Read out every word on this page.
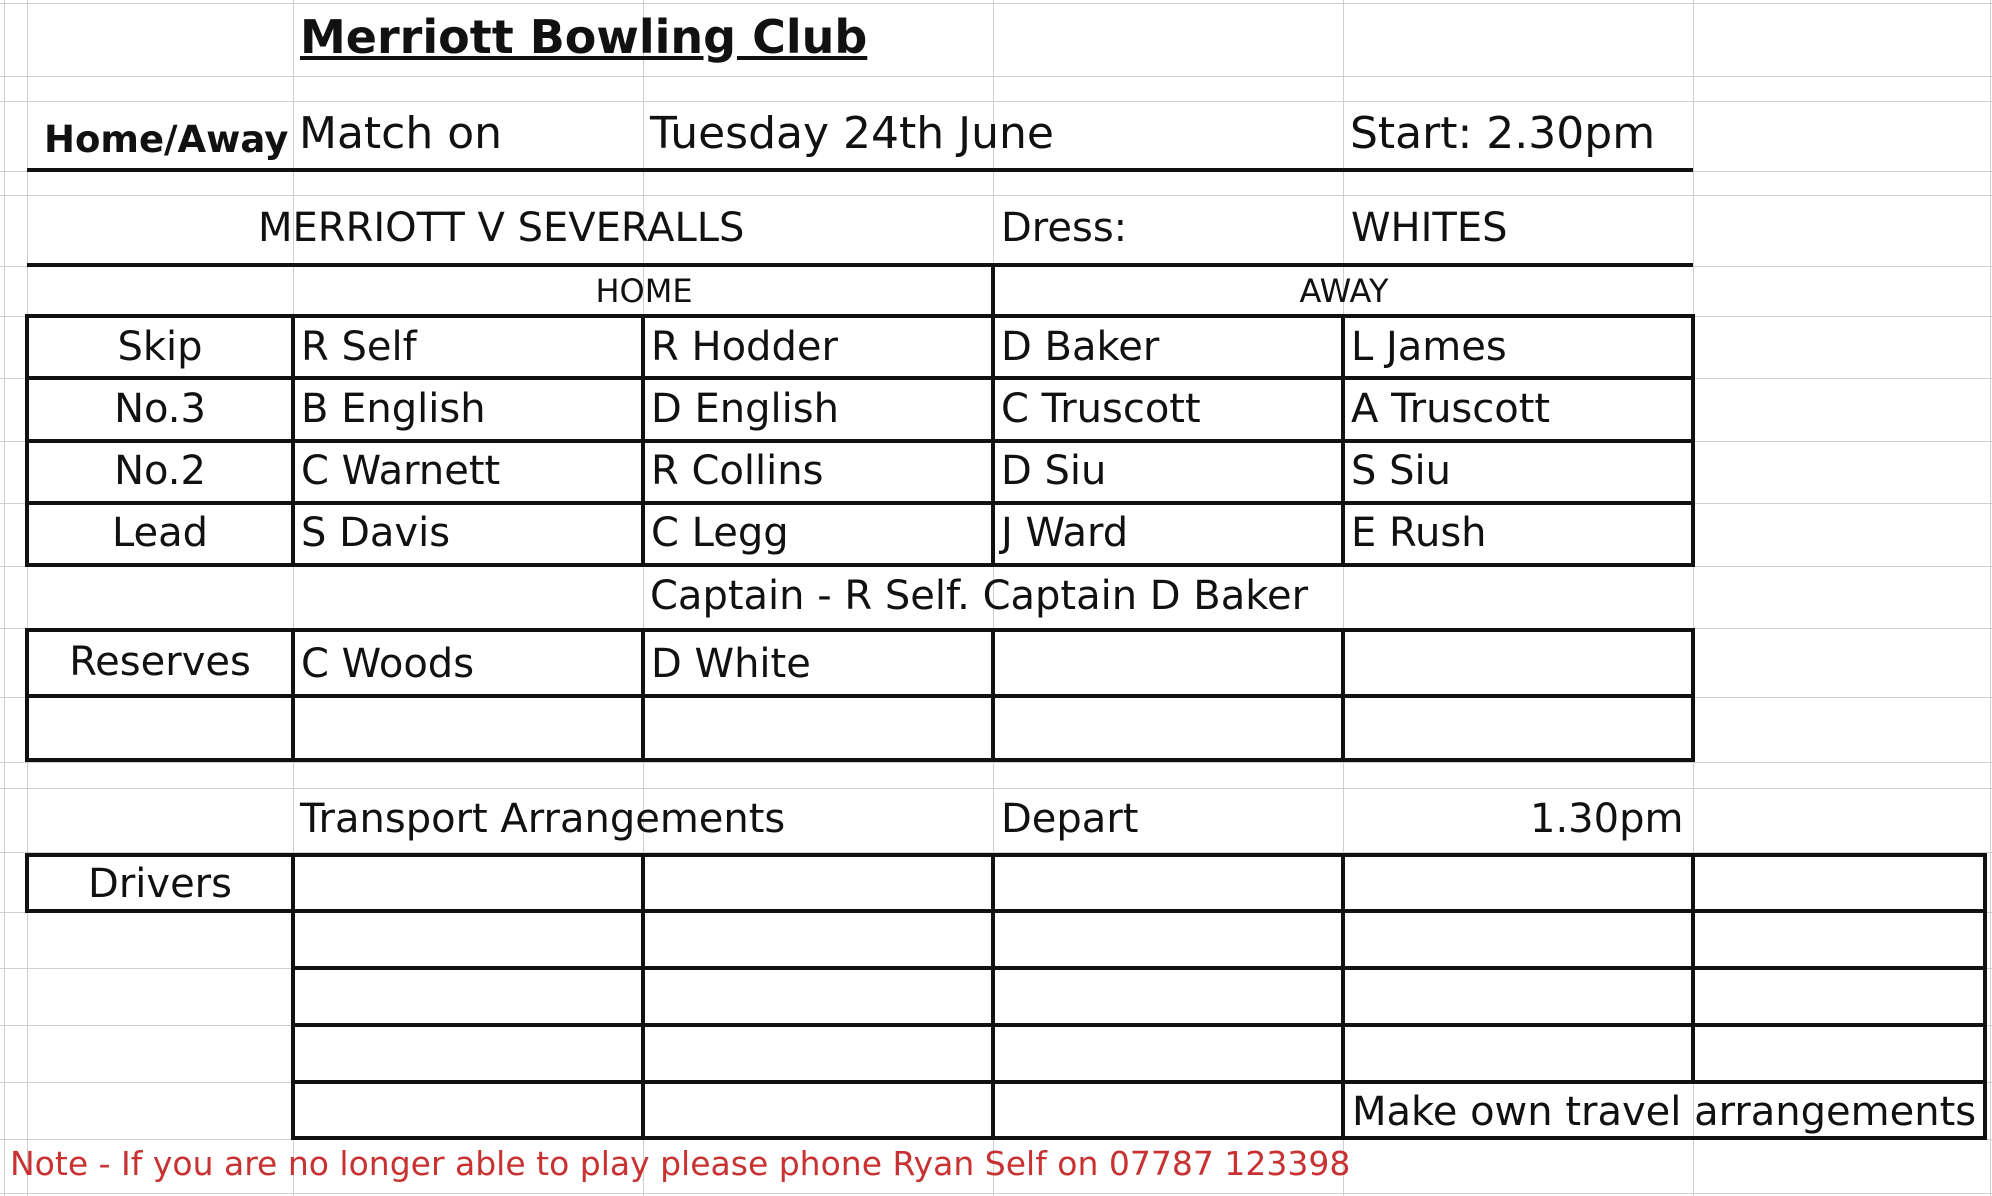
Merriott Bowling Club
Home/Away Match on	Tuesday 24th June	Start: 2.30pm
MERRIOTT V SEVERALLS	Dress:	WHITES
HOME	AWAY
Skip	R Self	R Hodder	D Baker	L James
No.3	B English	D English	C Truscott	A Truscott
No.2	C Warnett	R Collins	D Siu	S Siu
Lead	S Davis	C Legg	J Ward	E Rush
Captain - R Self. Captain D Baker
Reserves	C Woods	D White
Transport Arrangements	Depart	1.30pm
Drivers
Make own travel arrangements
Note - If you are no longer able to play please phone Ryan Self on 07787 123398
